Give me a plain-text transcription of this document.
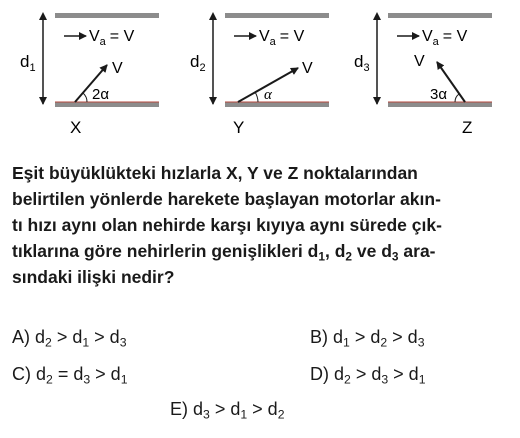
$d_1$
$V_a = V$
V
2α
X
$d_2$
$V_a = V$
V
α
Y
$d_3$
$V_a = V$
V
3α
Z
Eşit büyüklükteki hızlarla X, Y ve Z noktalarından
belirtilen yönlerde harekete başlayan motorlar akın-
tı hızı aynı olan nehirde karşı kıyıya aynı sürede çık-
tıklarına göre nehirlerin genişlikleri $d_1$, $d_2$ ve $d_3$ ara-
sındaki ilişki nedir?
A) $d_2 > d_1 > d_3$	B) $d_1 > d_2 > d_3$
C) $d_2 = d_3 > d_1$	D) $d_2 > d_3 > d_1$
E) $d_3 > d_1 > d_2$
